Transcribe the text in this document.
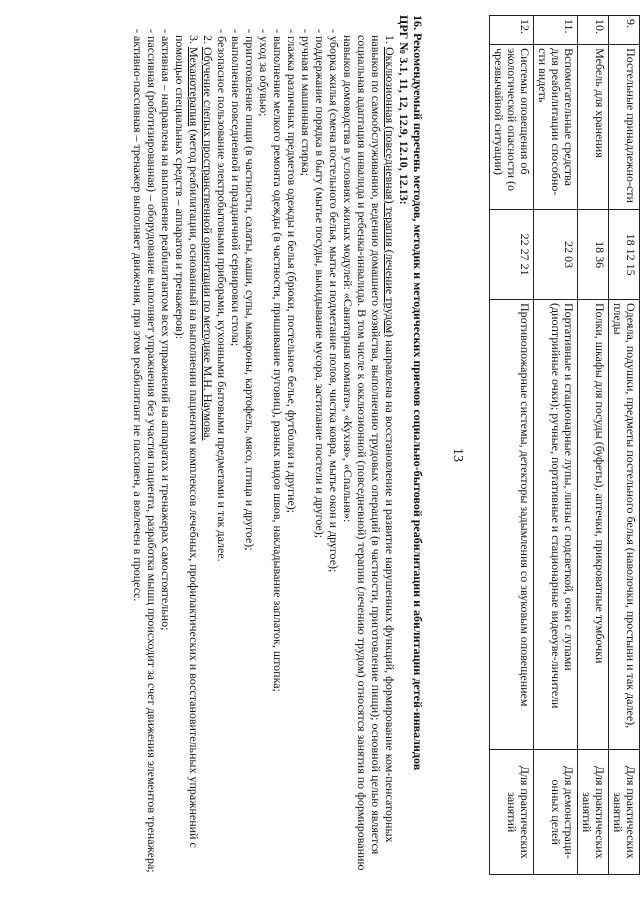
13
9.	Постельные принадлежно-сти	18 12 15	Одеяла, подушки, предметы постельного белья (наволочки, простыни и так далее), пледы	Для практических занятий
10.	Мебель для хранения	18 36	Полки, шкафы для посуды (буфеты), аптечки, прикроватные тумбочки	Для практических занятий
11.	Вспомогательные средства для реабилитации способно-сти видеть	22 03	Портативные и стационарные лупы, линзы с подсветкой, очки с лупами (диоптрийные очки); ручные, портативные и стационарные видеоуве-личители	Для демонстраци-онных целей
12.	Системы оповещения об экологической опасности (о чрезвычайной ситуации)	22 27 21	Противопожарные системы, детекторы задымления со звуковым оповещением	Для практических занятий

16. Рекомендуемый перечень методов, методик и методических приемов социально-бытовой реабилитации и абилитации детей-инвалидов

ЦРГ № 3.1, 11, 12, 12.9, 12.10, 12.13:

1. Окклюзионная (повседневная) терапия (лечение трудом) направлена на восстановление и развитие нарушенных функций, формирование ком-пенсаторных навыков по самообслуживанию, ведению домашнего хозяйства, выполнению трудовых операций (в частности, приготовление пищи); основной целью является социальная адаптация инвалида и ребенка-инвалида. В том числе к окклюзионной (повседневной) терапии (лечению трудом) относятся занятия по формированию навыков домоводства в условиях жилых модулей: «Санитарная комната», «Кухня», «Спальня»:

- уборка жилья (смена постельного белья, мытье и подметание полов, чистка ковра, мытье окон и другое);

- поддержание порядка в быту (мытье посуды, выкидывание мусора, застилание постели и другое);

- ручная и машинная стирка;

- глажка различных предметов одежды и белья (брюки, постельное белье, футболки и другие);

- выполнение мелкого ремонта одежды (в частности, пришивание пуговиц), разных видов швов, накладывание заплаток, штопка;

- уход за обувью;

- приготовление пищи (в частности, салаты, каши, супы, макароны, картофель, мясо, птица и другое);

- выполнение повседневной и праздничной сервировки стола;

- безопасное пользование электробытовыми приборами, кухонными бытовыми предметами и так далее.

2. Обучение слепых пространственной ориентации по методике М.Н. Наумова.

3. Механотерапия (метод реабилитации, основанный на выполнении пациентом комплексов лечебных, профилактических и восстановительных упражнений с помощью специальных средств – аппаратов и тренажеров):

- активная – направлена на выполнение реабилитантом всех упражнений на аппаратах и тренажерах самостоятельно;

- пассивная (роботизированная) – оборудование выполняет упражнения без участия пациента, разработка мышц происходит за счет движения элементов тренажера;

- активно-пассивная – тренажер выполняет движения, при этом реабилитант не пассивен, а вовлечен в процесс.
